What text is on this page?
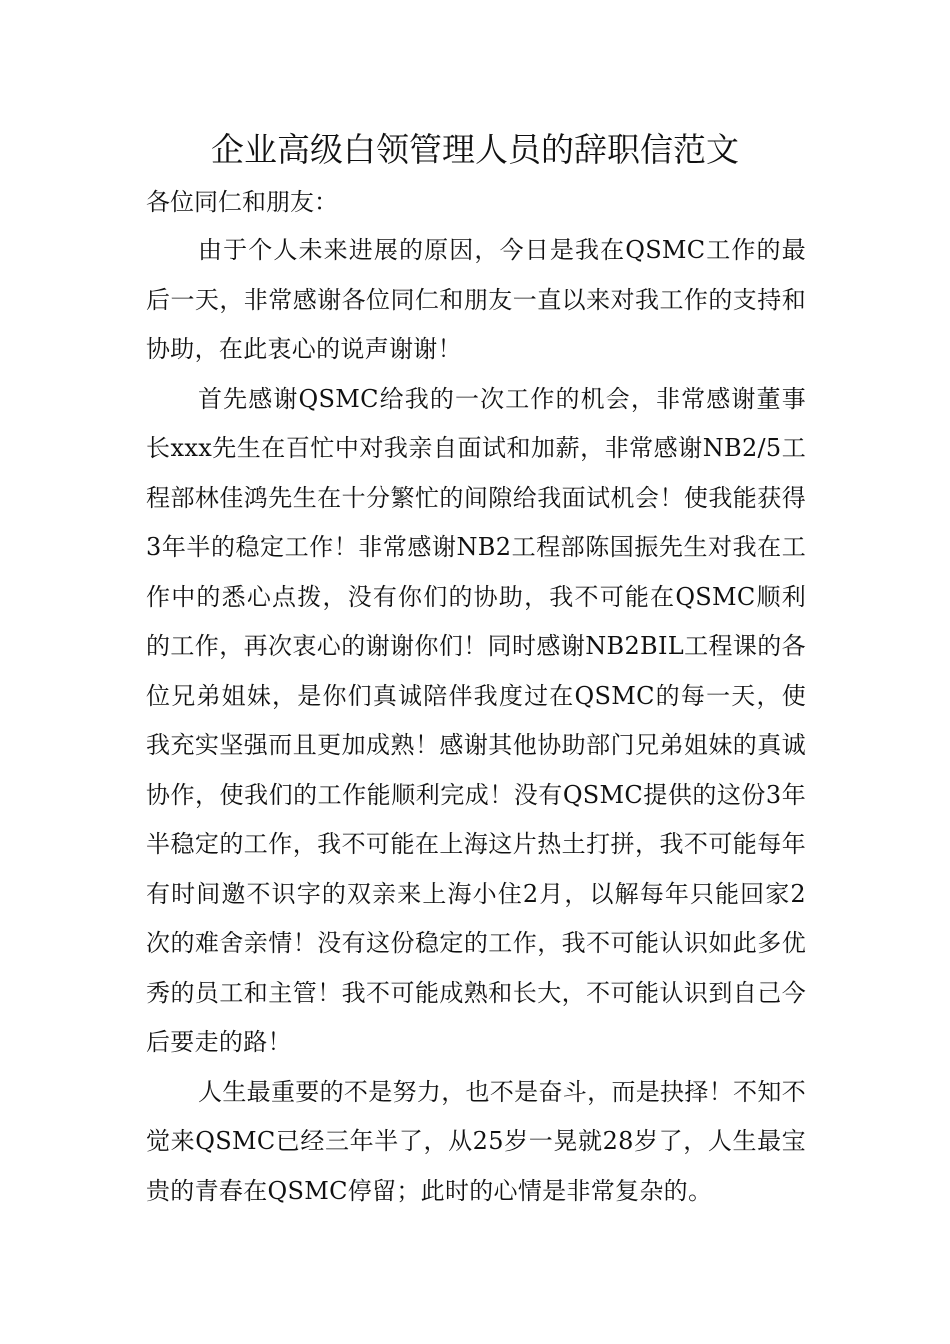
企业高级白领管理人员的辞职信范文

各位同仁和朋友：

由于个人未来进展的原因，今日是我在QSMC工作的最后一天，非常感谢各位同仁和朋友一直以来对我工作的支持和协助，在此衷心的说声谢谢！

首先感谢QSMC给我的一次工作的机会，非常感谢董事长xxx先生在百忙中对我亲自面试和加薪，非常感谢NB2/5工程部林佳鸿先生在十分繁忙的间隙给我面试机会！使我能获得3年半的稳定工作！非常感谢NB2工程部陈国振先生对我在工作中的悉心点拨，没有你们的协助，我不可能在QSMC顺利的工作，再次衷心的谢谢你们！同时感谢NB2BIL工程课的各位兄弟姐妹，是你们真诚陪伴我度过在QSMC的每一天，使我充实坚强而且更加成熟！感谢其他协助部门兄弟姐妹的真诚协作，使我们的工作能顺利完成！没有QSMC提供的这份3年半稳定的工作，我不可能在上海这片热土打拼，我不可能每年有时间邀不识字的双亲来上海小住2月，以解每年只能回家2次的难舍亲情！没有这份稳定的工作，我不可能认识如此多优秀的员工和主管！我不可能成熟和长大，不可能认识到自己今后要走的路！

人生最重要的不是努力，也不是奋斗，而是抉择！不知不觉来QSMC已经三年半了，从25岁一晃就28岁了，人生最宝贵的青春在QSMC停留；此时的心情是非常复杂的。
